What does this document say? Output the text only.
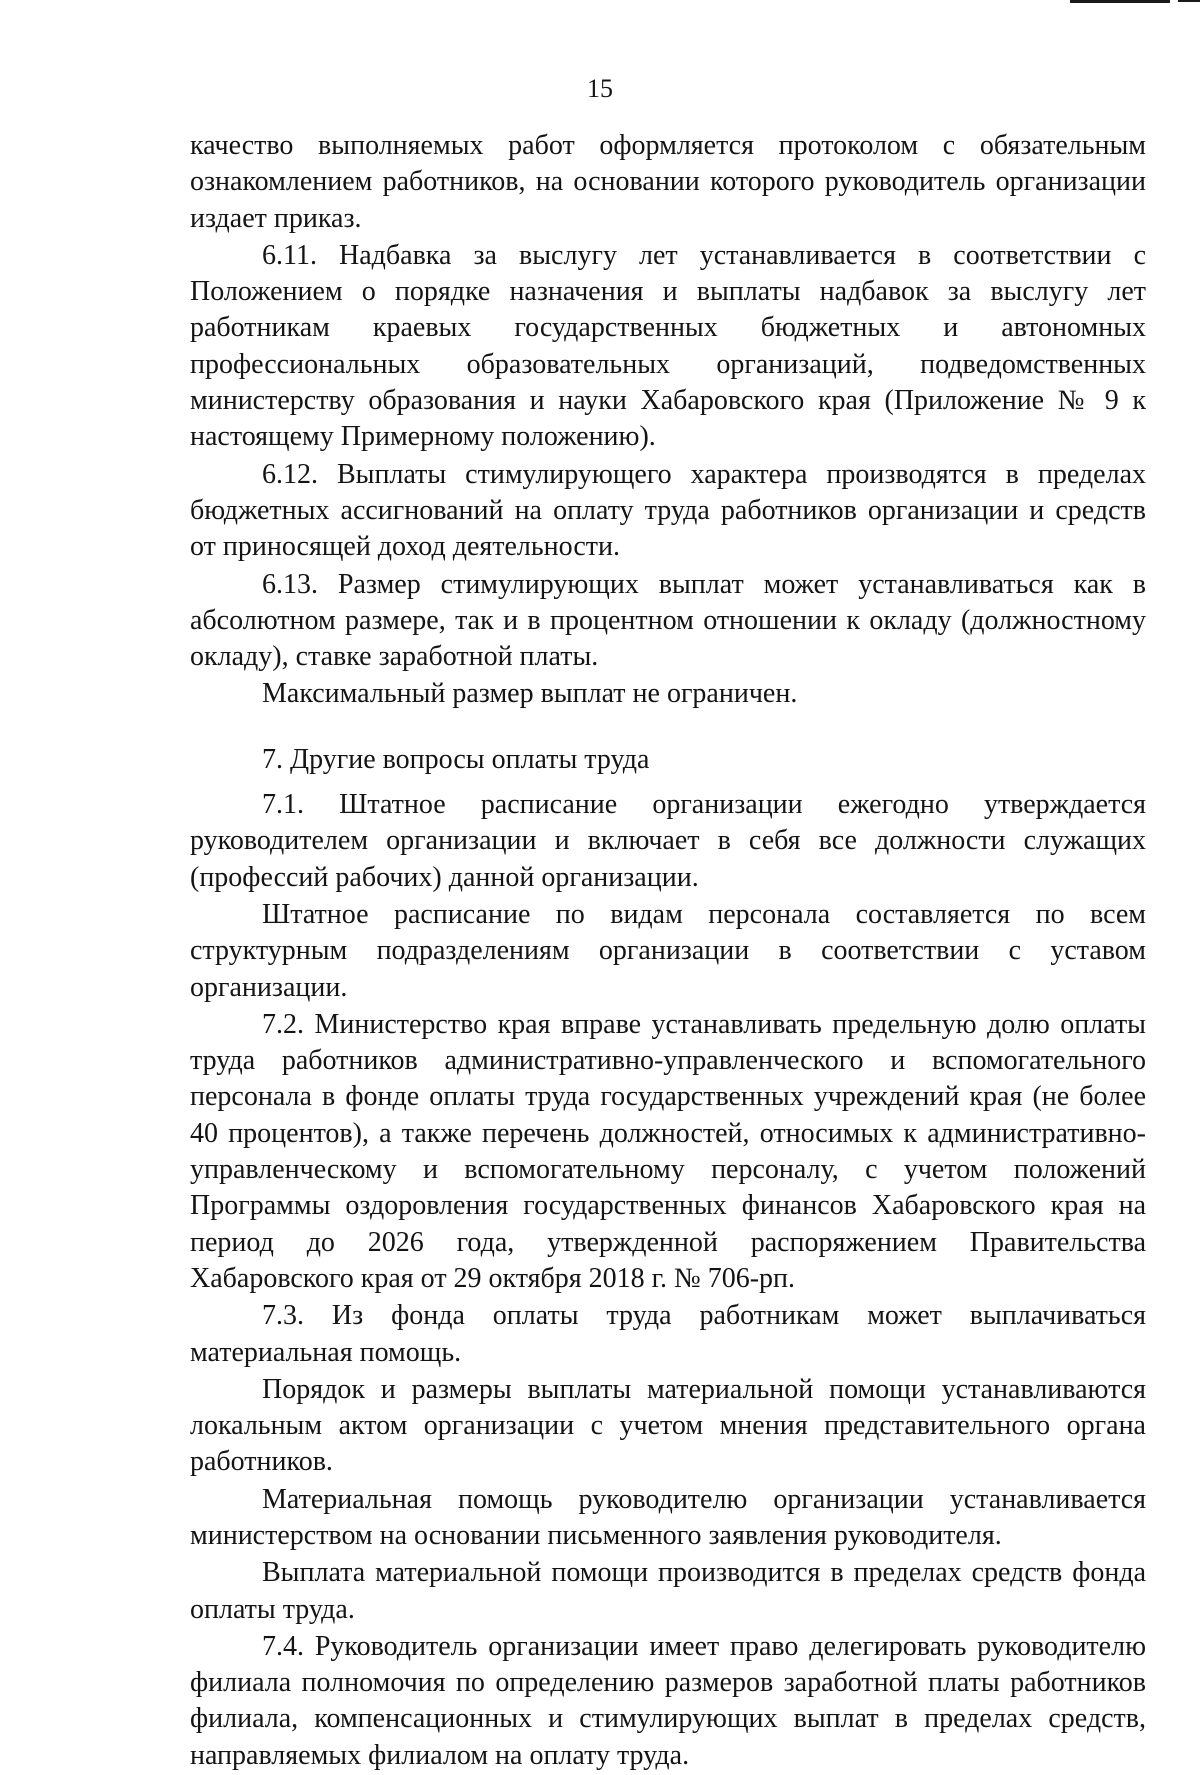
15

качество выполняемых работ оформляется протоколом с обязательным ознакомлением работников, на основании которого руководитель организации издает приказ.

6.11. Надбавка за выслугу лет устанавливается в соответствии с Положением о порядке назначения и выплаты надбавок за выслугу лет работникам краевых государственных бюджетных и автономных профессиональных образовательных организаций, подведомственных министерству образования и науки Хабаровского края (Приложение № 9 к настоящему Примерному положению).

6.12. Выплаты стимулирующего характера производятся в пределах бюджетных ассигнований на оплату труда работников организации и средств от приносящей доход деятельности.

6.13. Размер стимулирующих выплат может устанавливаться как в абсолютном размере, так и в процентном отношении к окладу (должностному окладу), ставке заработной платы.

Максимальный размер выплат не ограничен.

7. Другие вопросы оплаты труда

7.1. Штатное расписание организации ежегодно утверждается руководителем организации и включает в себя все должности служащих (профессий рабочих) данной организации.

Штатное расписание по видам персонала составляется по всем структурным подразделениям организации в соответствии с уставом организации.

7.2. Министерство края вправе устанавливать предельную долю оплаты труда работников административно-управленческого и вспомогательного персонала в фонде оплаты труда государственных учреждений края (не более 40 процентов), а также перечень должностей, относимых к административно-управленческому и вспомогательному персоналу, с учетом положений Программы оздоровления государственных финансов Хабаровского края на период до 2026 года, утвержденной распоряжением Правительства Хабаровского края от 29 октября 2018 г. № 706-рп.

7.3. Из фонда оплаты труда работникам может выплачиваться материальная помощь.

Порядок и размеры выплаты материальной помощи устанавливаются локальным актом организации с учетом мнения представительного органа работников.

Материальная помощь руководителю организации устанавливается министерством на основании письменного заявления руководителя.

Выплата материальной помощи производится в пределах средств фонда оплаты труда.

7.4. Руководитель организации имеет право делегировать руководителю филиала полномочия по определению размеров заработной платы работников филиала, компенсационных и стимулирующих выплат в пределах средств, направляемых филиалом на оплату труда.
